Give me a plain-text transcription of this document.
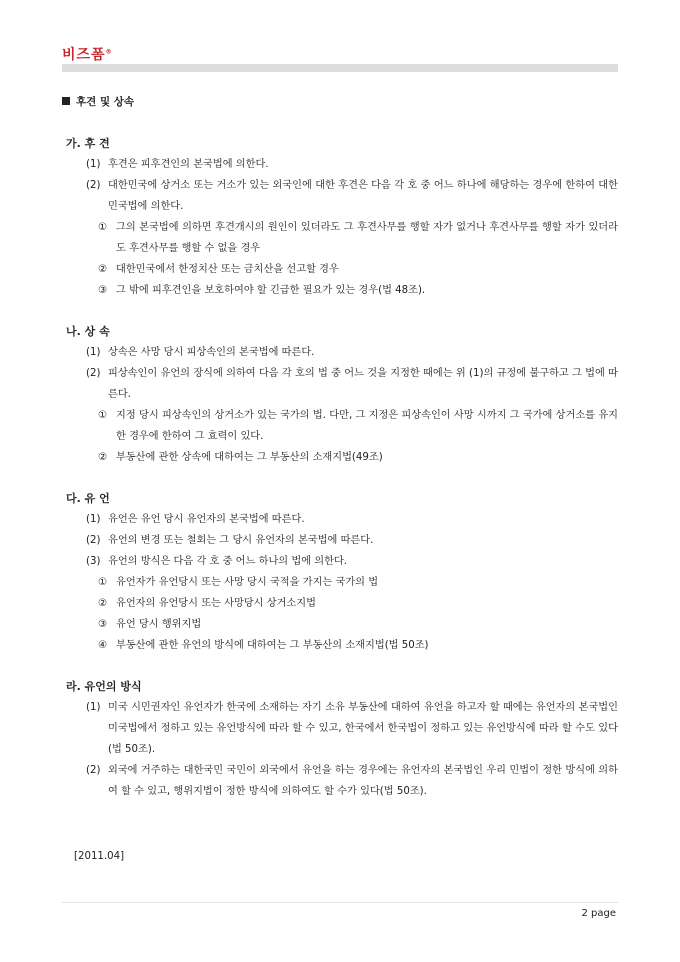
비즈폼®
후견 및 상속
가. 후 견
(1) 후견은 피후견인의 본국법에 의한다.
(2) 대한민국에 상거소 또는 거소가 있는 외국인에 대한 후견은 다음 각 호 중 어느 하나에 해당하는 경우에 한하여 대한민국법에 의한다.
① 그의 본국법에 의하면 후견개시의 원인이 있더라도 그 후견사무를 행할 자가 없거나 후견사무를 행할 자가 있더라도 후견사무를 행할 수 없을 경우
② 대한민국에서 한정치산 또는 금치산을 선고할 경우
③ 그 밖에 피후견인을 보호하여야 할 긴급한 필요가 있는 경우(법 48조).
나. 상 속
(1) 상속은 사망 당시 피상속인의 본국법에 따른다.
(2) 피상속인이 유언의 장식에 의하여 다음 각 호의 법 중 어느 것을 지정한 때에는 위 (1)의 규정에 불구하고 그 법에 따른다.
① 지정 당시 피상속인의 상거소가 있는 국가의 법. 다만, 그 지정은 피상속인이 사망 시까지 그 국가에 상거소를 유지한 경우에 한하여 그 효력이 있다.
② 부동산에 관한 상속에 대하여는 그 부동산의 소재지법(49조)
다. 유 언
(1) 유언은 유언 당시 유언자의 본국법에 따른다.
(2) 유언의 변경 또는 철회는 그 당시 유언자의 본국법에 따른다.
(3) 유언의 방식은 다음 각 호 중 어느 하나의 법에 의한다.
① 유언자가 유언당시 또는 사망 당시 국적을 가지는 국가의 법
② 유언자의 유언당시 또는 사망당시 상거소지법
③ 유언 당시 행위지법
④ 부동산에 관한 유언의 방식에 대하여는 그 부동산의 소재지법(법 50조)
라. 유언의 방식
(1) 미국 시민권자인 유언자가 한국에 소재하는 자기 소유 부동산에 대하여 유언을 하고자 할 때에는 유언자의 본국법인 미국법에서 정하고 있는 유언방식에 따라 할 수 있고, 한국에서 한국법이 정하고 있는 유언방식에 따라 할 수도 있다(법 50조).
(2) 외국에 거주하는 대한국민 국민이 외국에서 유언을 하는 경우에는 유언자의 본국법인 우리 민법이 정한 방식에 의하여 할 수 있고, 행위지법이 정한 방식에 의하여도 할 수가 있다(법 50조).
[2011.04]
2 page
